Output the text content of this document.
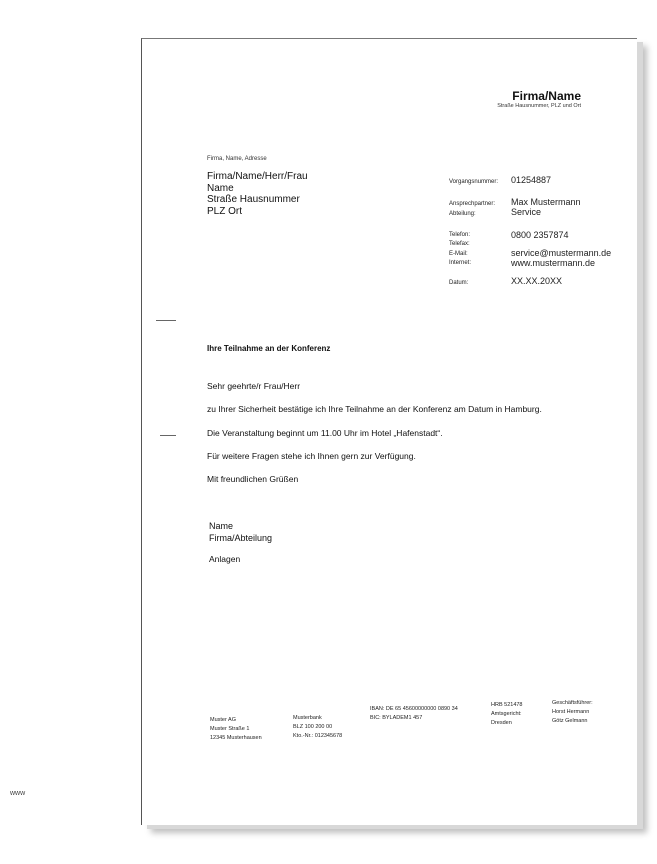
Firma/Name
Straße Hausnummer, PLZ und Ort
Firma, Name, Adresse
Firma/Name/Herr/Frau
Name
Straße Hausnummer
PLZ Ort
Vorgangsnummer: 01254887
Ansprechpartner: Max Mustermann
Abteilung:	Service
Telefon:	0800 2357874
Telefax:
E-Mail:	service@mustermann.de
Internet:	www.mustermann.de
Datum:	XX.XX.20XX
Ihre Teilnahme an der Konferenz
Sehr geehrte/r Frau/Herr
zu Ihrer Sicherheit bestätige ich Ihre Teilnahme an der Konferenz am Datum in Hamburg.
Die Veranstaltung beginnt um 11.00 Uhr im Hotel „Hafenstadt“.
Für weitere Fragen stehe ich Ihnen gern zur Verfügung.
Mit freundlichen Grüßen
Name
Firma/Abteilung
Anlagen
Muster AG
Muster Straße 1
12345 Musterhausen
Musterbank
BLZ 100 200 00
Kto.-Nr.: 012345678
IBAN: DE 65 45600000000 0890 34
BIC: BYLADEM1 457
HRB 521478
Amtsgericht:
Dresden
Geschäftsführer:
Horst Hermann
Götz Gelmann
www
